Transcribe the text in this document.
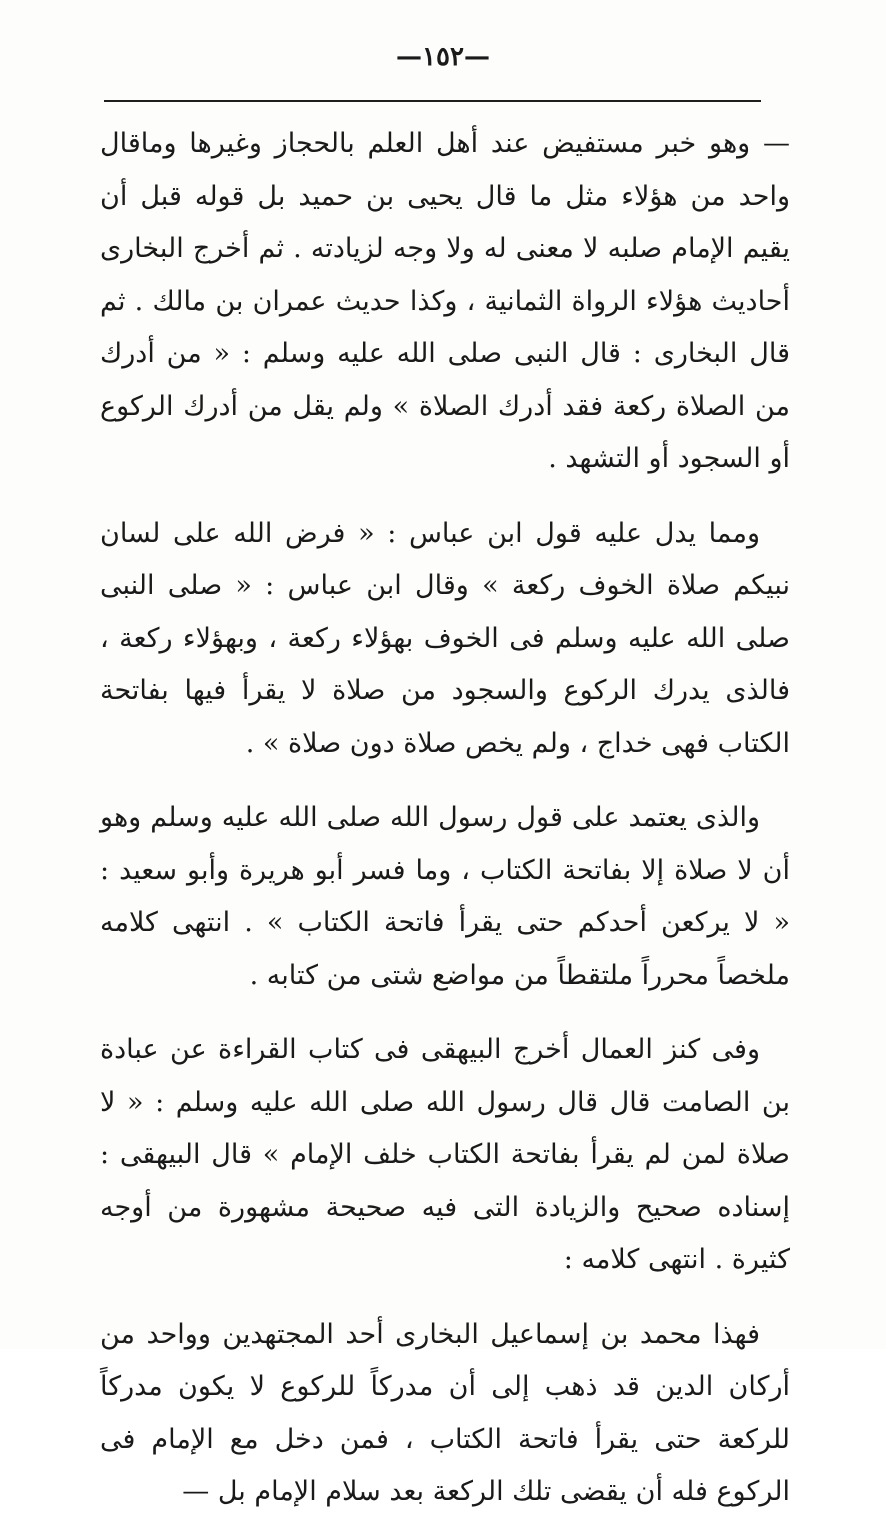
—١٥٢—

— وهو خبر مستفيض عند أهل العلم بالحجاز وغيرها وماقال واحد من هؤلاء مثل ما قال يحيى بن حميد بل قوله قبل أن يقيم الإمام صلبه لا معنى له ولا وجه لزيادته . ثم أخرج البخارى أحاديث هؤلاء الرواة الثمانية ، وكذا حديث عمران بن مالك . ثم قال البخارى : قال النبى صلى الله عليه وسلم : « من أدرك من الصلاة ركعة فقد أدرك الصلاة » ولم يقل من أدرك الركوع أو السجود أو التشهد .

ومما يدل عليه قول ابن عباس : « فرض الله على لسان نبيكم صلاة الخوف ركعة » وقال ابن عباس : « صلى النبى صلى الله عليه وسلم فى الخوف بهؤلاء ركعة ، وبهؤلاء ركعة ، فالذى يدرك الركوع والسجود من صلاة لا يقرأ فيها بفاتحة الكتاب فهى خداج ، ولم يخص صلاة دون صلاة » .

والذى يعتمد على قول رسول الله صلى الله عليه وسلم وهو أن لا صلاة إلا بفاتحة الكتاب ، وما فسر أبو هريرة وأبو سعيد : « لا يركعن أحدكم حتى يقرأ فاتحة الكتاب » . انتهى كلامه ملخصاً محرراً ملتقطاً من مواضع شتى من كتابه .

وفى كنز العمال أخرج البيهقى فى كتاب القراءة عن عبادة بن الصامت قال قال رسول الله صلى الله عليه وسلم : « لا صلاة لمن لم يقرأ بفاتحة الكتاب خلف الإمام » قال البيهقى : إسناده صحيح والزيادة التى فيه صحيحة مشهورة من أوجه كثيرة . انتهى كلامه :

فهذا محمد بن إسماعيل البخارى أحد المجتهدين وواحد من أركان الدين قد ذهب إلى أن مدركاً للركوع لا يكون مدركاً للركعة حتى يقرأ فاتحة الكتاب ، فمن دخل مع الإمام فى الركوع فله أن يقضى تلك الركعة بعد سلام الإمام بل —
